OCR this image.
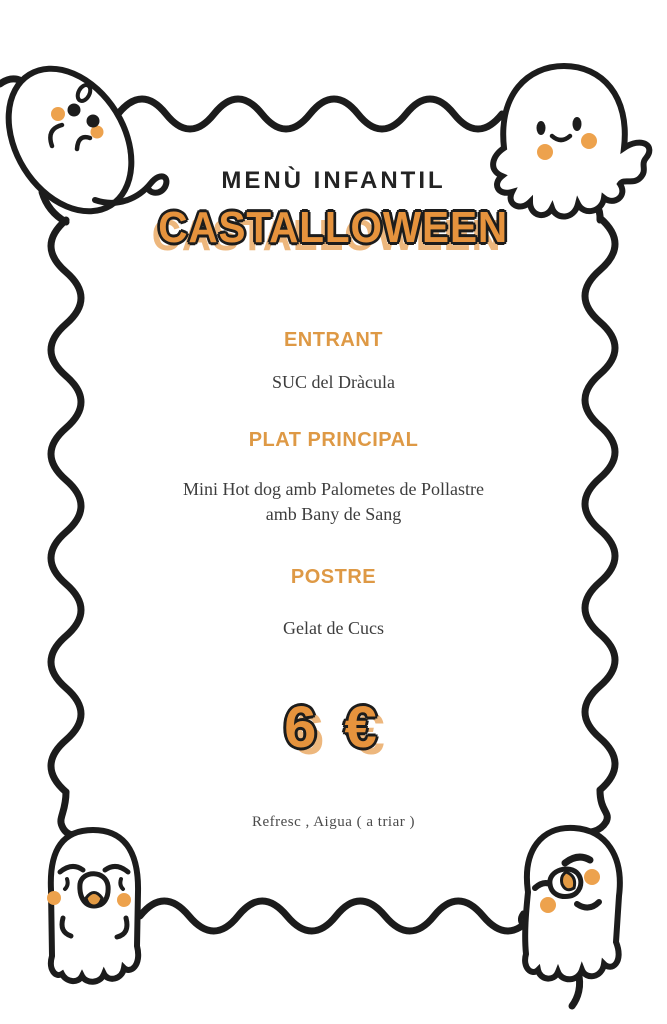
MENÙ INFANTIL
CASTALLOWEEN
ENTRANT
SUC del Dràcula
PLAT PRINCIPAL
Mini Hot dog amb Palometes de Pollastre amb Bany de Sang
POSTRE
Gelat de Cucs
6 €
Refresc , Aigua ( a triar )
